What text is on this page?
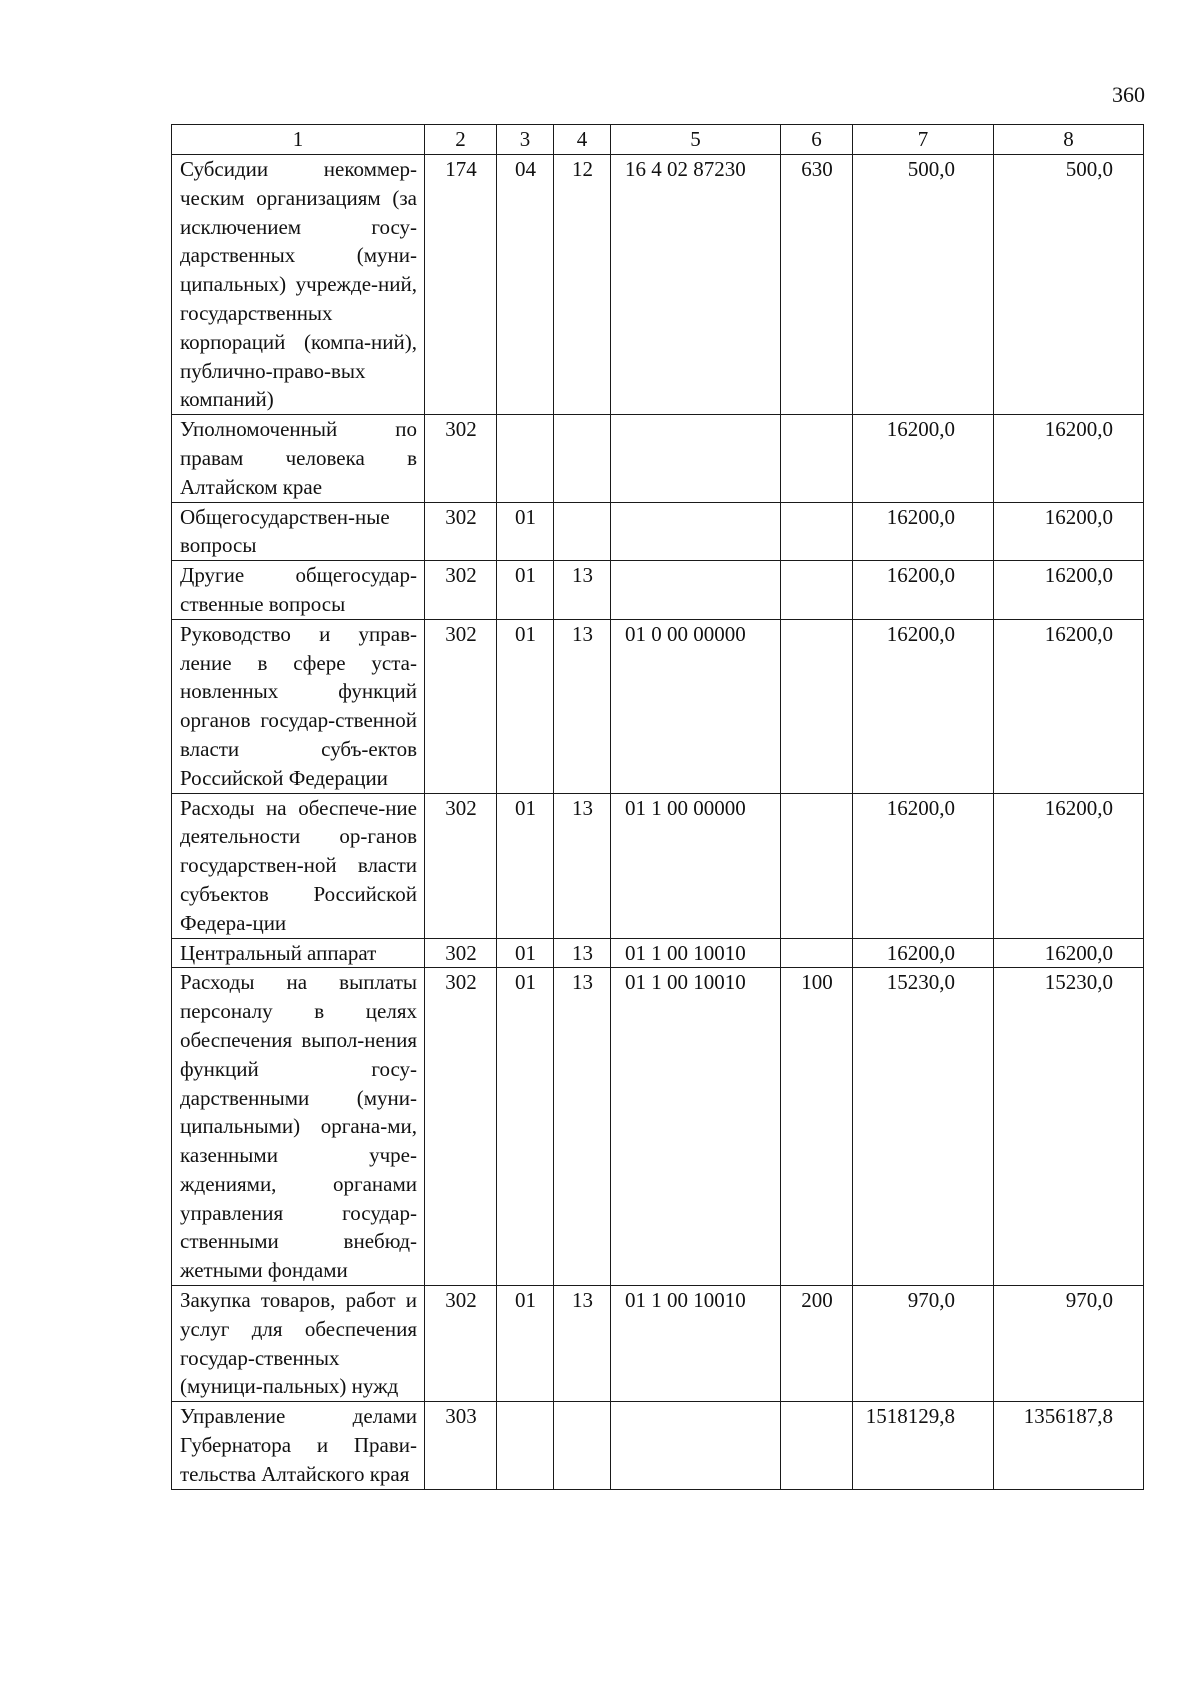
360
1	2	3	4	5	6	7	8
Субсидии некоммер-ческим организациям (за исключением госу-дарственных (муни-ципальных) учрежде-ний, государственных корпораций (компа-ний), публично-право-вых компаний)	174	04	12	16 4 02 87230	630	500,0	500,0
Уполномоченный по правам человека в Алтайском крае	302					16200,0	16200,0
Общегосударствен-ные вопросы	302	01				16200,0	16200,0
Другие общегосудар-ственные вопросы	302	01	13			16200,0	16200,0
Руководство и управ-ление в сфере уста-новленных функций органов государ-ственной власти субъ-ектов Российской Федерации	302	01	13	01 0 00 00000		16200,0	16200,0
Расходы на обеспече-ние деятельности ор-ганов государствен-ной власти субъектов Российской Федера-ции	302	01	13	01 1 00 00000		16200,0	16200,0
Центральный аппарат	302	01	13	01 1 00 10010		16200,0	16200,0
Расходы на выплаты персоналу в целях обеспечения выпол-нения функций госу-дарственными (муни-ципальными) органа-ми, казенными учре-ждениями, органами управления государ-ственными внебюд-жетными фондами	302	01	13	01 1 00 10010	100	15230,0	15230,0
Закупка товаров, работ и услуг для обеспечения государ-ственных (муници-пальных) нужд	302	01	13	01 1 00 10010	200	970,0	970,0
Управление делами Губернатора и Прави-тельства Алтайского края	303					1518129,8	1356187,8
